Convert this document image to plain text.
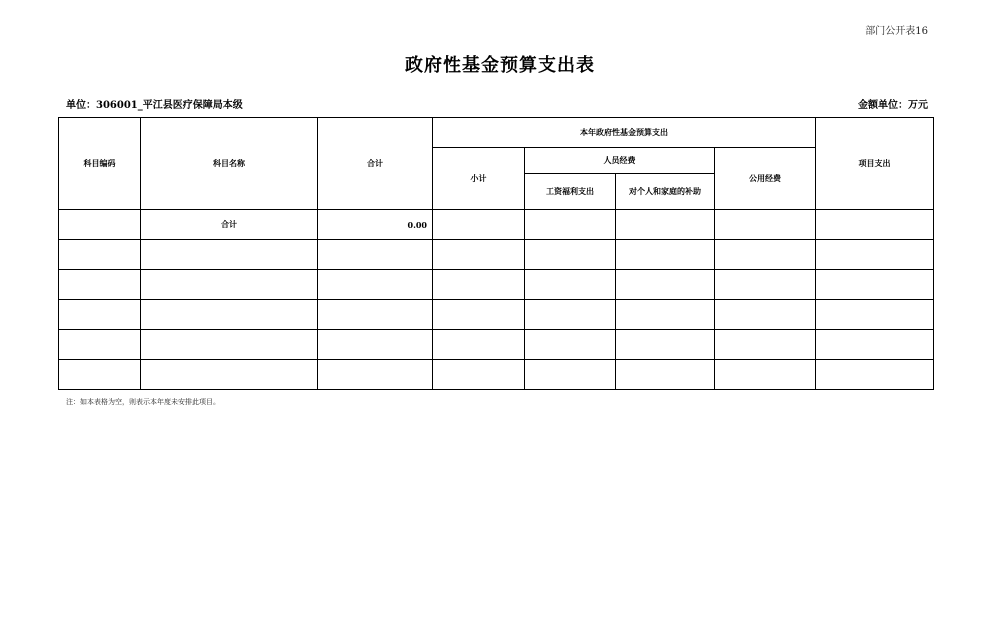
部门公开表16
政府性基金预算支出表
单位：306001_平江县医疗保障局本级	金额单位：万元
科目编码	科目名称	合计	本年政府性基金预算支出				项目支出
			小计	人员经费		公用经费	
				工资福利支出	对个人和家庭的补助		
	合计	0.00					

注：如本表格为空，则表示本年度未安排此项目。
